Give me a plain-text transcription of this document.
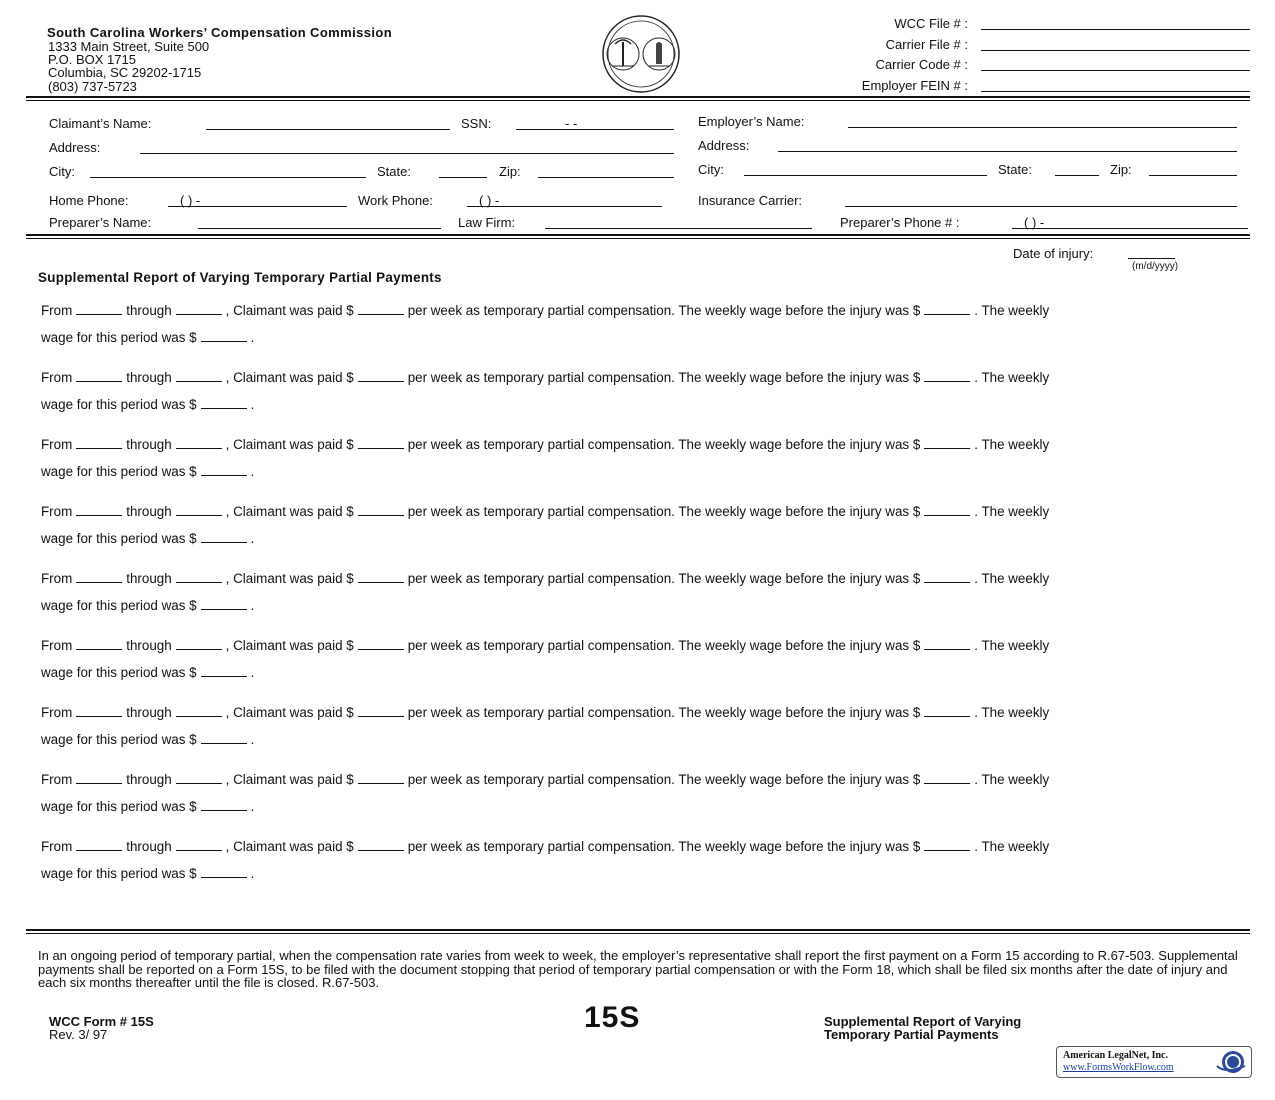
South Carolina Workers’ Compensation Commission
1333 Main Street, Suite 500
P.O. BOX 1715
Columbia, SC 29202-1715
(803) 737-5723
WCC File # :
Carrier File # :
Carrier Code # :
Employer FEIN # :
Claimant’s Name:	SSN:	- -
Address:
City:	State:	Zip:
Home Phone:	( ) -	Work Phone:	( ) -
Employer’s Name:
Address:
City:	State:	Zip:
Insurance Carrier:
Preparer’s Name:	Law Firm:	Preparer’s Phone # :	( ) -
Date of injury:
(m/d/yyyy)
Supplemental Report of Varying Temporary Partial Payments
From	through	, Claimant was paid $	per week as temporary partial compensation. The weekly wage before the injury was $	. The weekly
wage for this period was $	.
From	through	, Claimant was paid $	per week as temporary partial compensation. The weekly wage before the injury was $	. The weekly
wage for this period was $	.
From	through	, Claimant was paid $	per week as temporary partial compensation. The weekly wage before the injury was $	. The weekly
wage for this period was $	.
From	through	, Claimant was paid $	per week as temporary partial compensation. The weekly wage before the injury was $	. The weekly
wage for this period was $	.
From	through	, Claimant was paid $	per week as temporary partial compensation. The weekly wage before the injury was $	. The weekly
wage for this period was $	.
From	through	, Claimant was paid $	per week as temporary partial compensation. The weekly wage before the injury was $	. The weekly
wage for this period was $	.
From	through	, Claimant was paid $	per week as temporary partial compensation. The weekly wage before the injury was $	. The weekly
wage for this period was $	.
From	through	, Claimant was paid $	per week as temporary partial compensation. The weekly wage before the injury was $	. The weekly
wage for this period was $	.
From	through	, Claimant was paid $	per week as temporary partial compensation. The weekly wage before the injury was $	. The weekly
wage for this period was $	.
In an ongoing period of temporary partial, when the compensation rate varies from week to week, the employer’s representative shall report the first payment on a Form 15 according to R.67-503. Supplemental payments shall be reported on a Form 15S, to be filed with the document stopping that period of temporary partial compensation or with the Form 18, which shall be filed six months after the date of injury and each six months thereafter until the file is closed. R.67-503.
WCC Form # 15S
Rev. 3/ 97
15S	Supplemental Report of Varying
Temporary Partial Payments
American LegalNet, Inc.
www.FormsWorkFlow.com
